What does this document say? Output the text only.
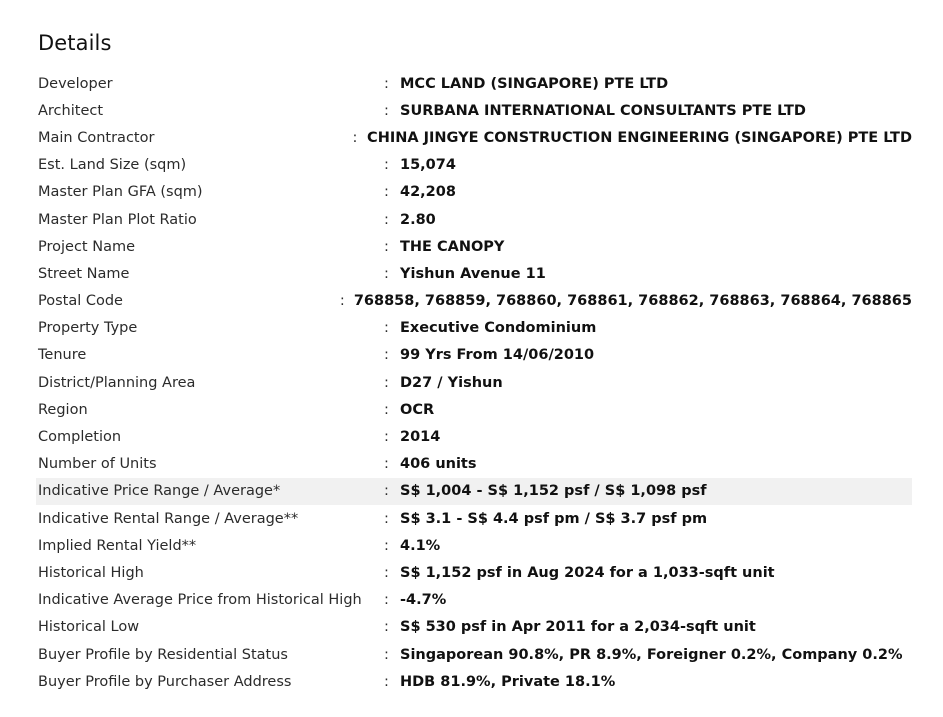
Details
Developer	: MCC LAND (SINGAPORE) PTE LTD
Architect	: SURBANA INTERNATIONAL CONSULTANTS PTE LTD
Main Contractor	: CHINA JINGYE CONSTRUCTION ENGINEERING (SINGAPORE) PTE LTD
Est. Land Size (sqm)	: 15,074
Master Plan GFA (sqm)	: 42,208
Master Plan Plot Ratio	: 2.80
Project Name	: THE CANOPY
Street Name	: Yishun Avenue 11
Postal Code	: 768858, 768859, 768860, 768861, 768862, 768863, 768864, 768865
Property Type	: Executive Condominium
Tenure	: 99 Yrs From 14/06/2010
District/Planning Area	: D27 / Yishun
Region	: OCR
Completion	: 2014
Number of Units	: 406 units
Indicative Price Range / Average*	: S$ 1,004 - S$ 1,152 psf / S$ 1,098 psf
Indicative Rental Range / Average**	: S$ 3.1 - S$ 4.4 psf pm / S$ 3.7 psf pm
Implied Rental Yield**	: 4.1%
Historical High	: S$ 1,152 psf in Aug 2024 for a 1,033-sqft unit
Indicative Average Price from Historical High	: -4.7%
Historical Low	: S$ 530 psf in Apr 2011 for a 2,034-sqft unit
Buyer Profile by Residential Status	: Singaporean 90.8%, PR 8.9%, Foreigner 0.2%, Company 0.2%
Buyer Profile by Purchaser Address	: HDB 81.9%, Private 18.1%
